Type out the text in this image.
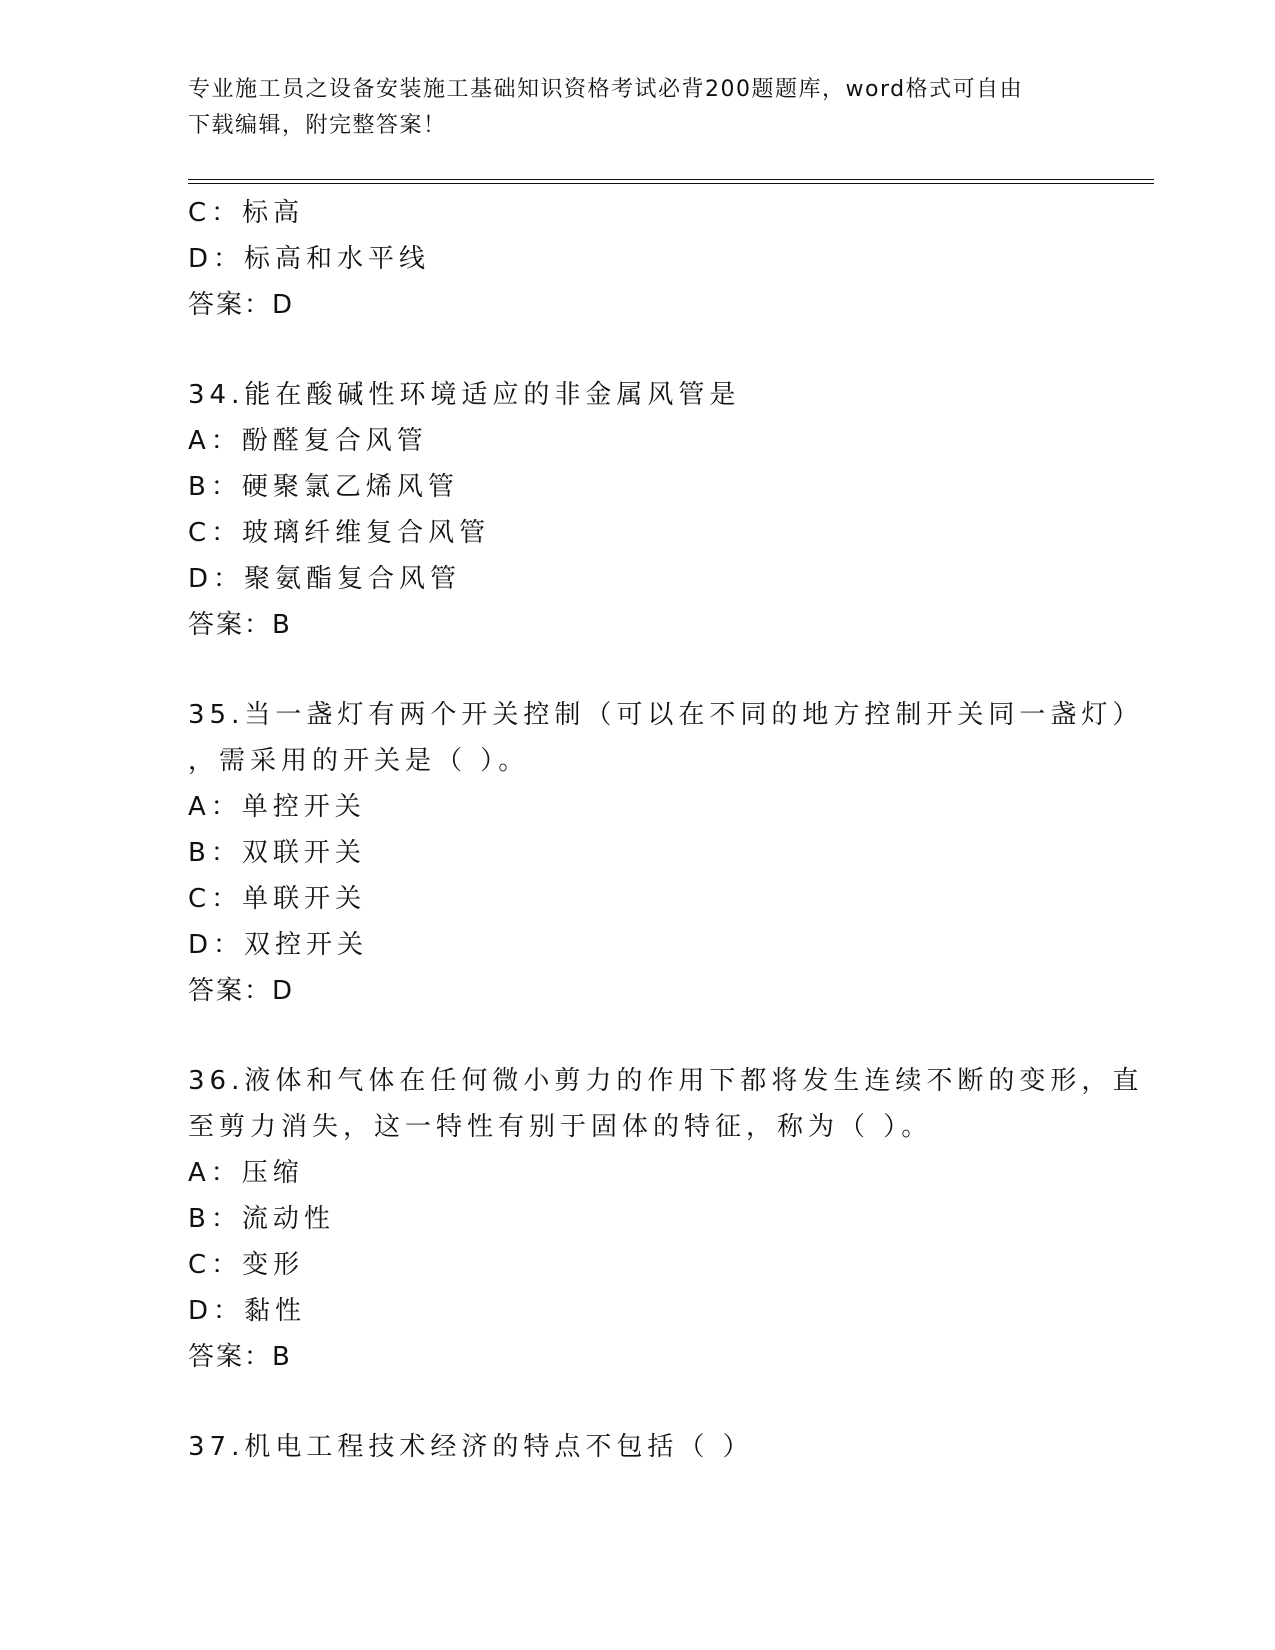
专业施工员之设备安装施工基础知识资格考试必背200题题库，word格式可自由
下载编辑，附完整答案！
C：标高
D：标高和水平线
答案：D
34.能在酸碱性环境适应的非金属风管是
A：酚醛复合风管
B：硬聚氯乙烯风管
C：玻璃纤维复合风管
D：聚氨酯复合风管
答案：B
35.当一盏灯有两个开关控制（可以在不同的地方控制开关同一盏灯）
，需采用的开关是（ ）。
A：单控开关
B：双联开关
C：单联开关
D：双控开关
答案：D
36.液体和气体在任何微小剪力的作用下都将发生连续不断的变形，直
至剪力消失，这一特性有别于固体的特征，称为（ ）。
A：压缩
B：流动性
C：变形
D：黏性
答案：B
37.机电工程技术经济的特点不包括（ ）
